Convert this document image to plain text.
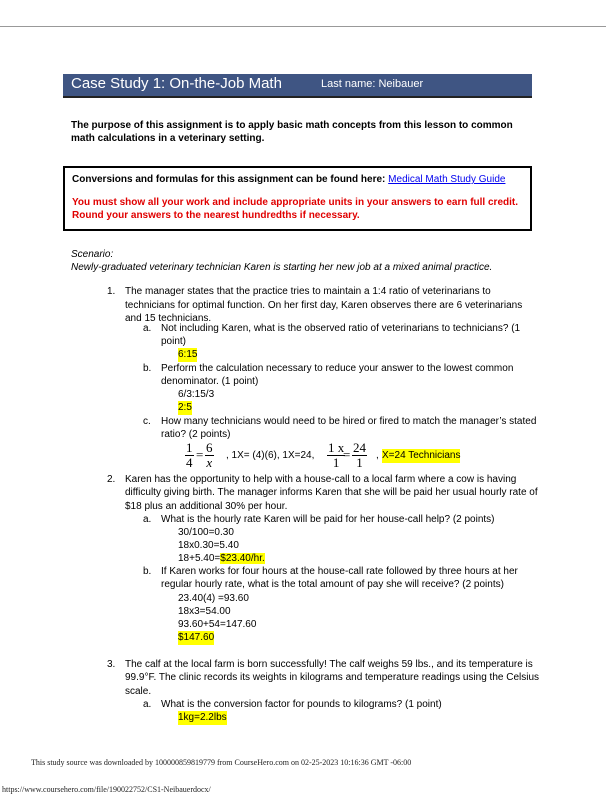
Case Study 1: On-the-Job Math	Last name: Neibauer
The purpose of this assignment is to apply basic math concepts from this lesson to common math calculations in a veterinary setting.
Conversions and formulas for this assignment can be found here: Medical Math Study Guide
You must show all your work and include appropriate units in your answers to earn full credit. Round your answers to the nearest hundredths if necessary.
Scenario:
Newly-graduated veterinary technician Karen is starting her new job at a mixed animal practice.
1. The manager states that the practice tries to maintain a 1:4 ratio of veterinarians to
technicians for optimal function. On her first day, Karen observes there are 6 veterinarians
and 15 technicians.
a. Not including Karen, what is the observed ratio of veterinarians to technicians? (1
point)
6:15
b. Perform the calculation necessary to reduce your answer to the lowest common
denominator. (1 point)
6/3:15/3
2:5
c. How many technicians would need to be hired or fired to match the manager’s stated
ratio? (2 points)
$\frac{1}{4} = \frac{6}{x}$ , 1X= (4)(6), 1X=24, $\frac{1 x}{1}$
= $\frac{24}{1}$ , X=24 Technicians
2. Karen has the opportunity to help with a house-call to a local farm where a cow is having
difficulty giving birth. The manager informs Karen that she will be paid her usual hourly rate of
$18 plus an additional 30% per hour.
a. What is the hourly rate Karen will be paid for her house-call help? (2 points)
30/100=0.30
18x0.30=5.40
18+5.40=$23.40/hr.
b. If Karen works for four hours at the house-call rate followed by three hours at her
regular hourly rate, what is the total amount of pay she will receive? (2 points)
23.40(4) =93.60
18x3=54.00
93.60+54=147.60
$147.60
3. The calf at the local farm is born successfully! The calf weighs 59 lbs., and its temperature is
99.9°F. The clinic records its weights in kilograms and temperature readings using the Celsius
scale.
a. What is the conversion factor for pounds to kilograms? (1 point)
1kg=2.2lbs
This study source was downloaded by 100000859819779 from CourseHero.com on 02-25-2023 10:16:36 GMT -06:00
https://www.coursehero.com/file/190022752/CS1-Neibauerdocx/
